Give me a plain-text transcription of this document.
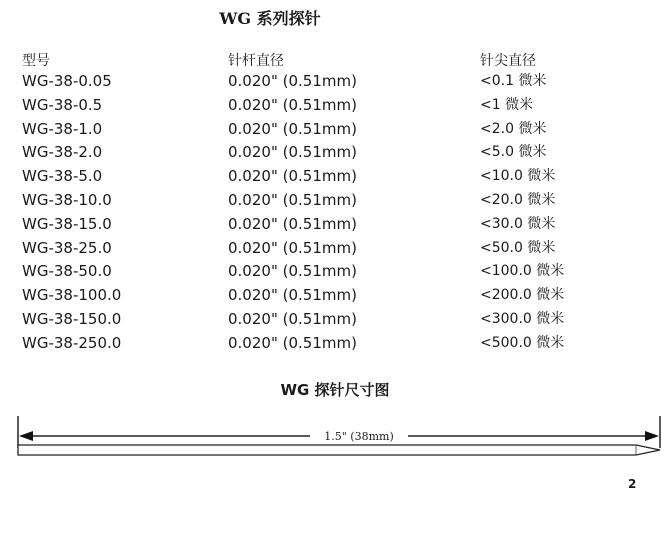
WG 系列探针
型号	针杆直径	针尖直径
WG-38-0.05	0.020" (0.51mm)	<0.1 微米
WG-38-0.5	0.020" (0.51mm)	<1 微米
WG-38-1.0	0.020" (0.51mm)	<2.0 微米
WG-38-2.0	0.020" (0.51mm)	<5.0 微米
WG-38-5.0	0.020" (0.51mm)	<10.0 微米
WG-38-10.0	0.020" (0.51mm)	<20.0 微米
WG-38-15.0	0.020" (0.51mm)	<30.0 微米
WG-38-25.0	0.020" (0.51mm)	<50.0 微米
WG-38-50.0	0.020" (0.51mm)	<100.0 微米
WG-38-100.0	0.020" (0.51mm)	<200.0 微米
WG-38-150.0	0.020" (0.51mm)	<300.0 微米
WG-38-250.0	0.020" (0.51mm)	<500.0 微米
WG 探针尺寸图
1.5" (38mm)
2
